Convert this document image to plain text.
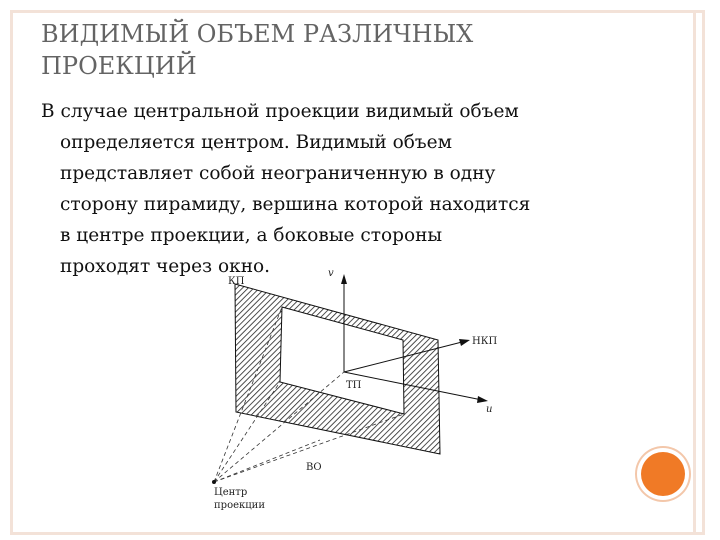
ВИДИМЫЙ ОБЪЕМ РАЗЛИЧНЫХ
ПРОЕКЦИЙ

В случае центральной проекции видимый объем
определяется центром. Видимый объем
представляет собой неограниченную в одну
сторону пирамиду, вершина которой находится
в центре проекции, а боковые стороны
проходят через окно.

КП
v
НКП
u
ТП
ВО
Центр
проекции
